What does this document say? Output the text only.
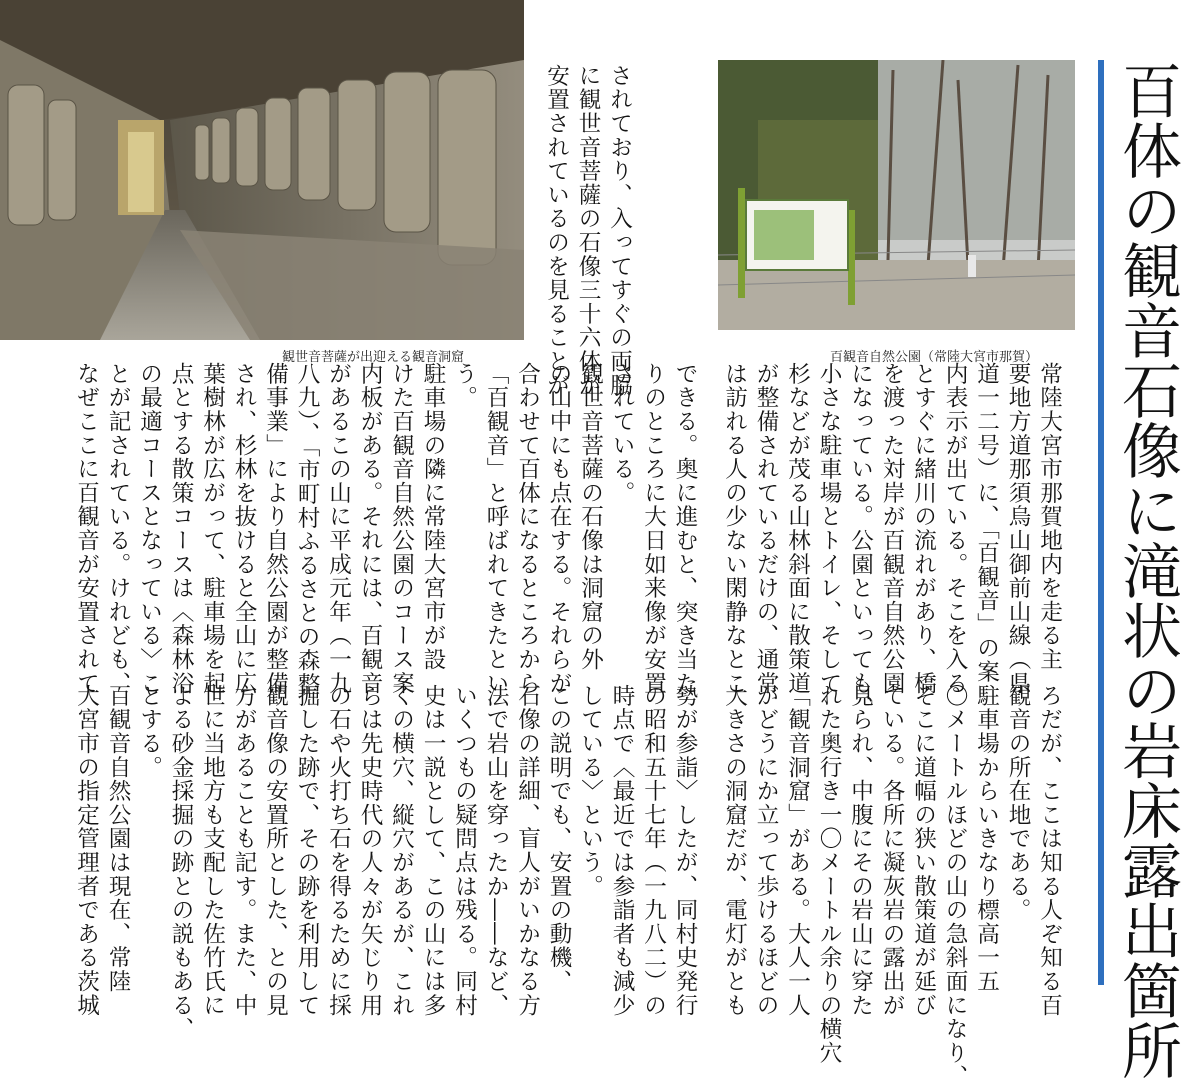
百体の観音石像に滝状の岩床露出箇所
観世音菩薩が出迎える観音洞窟	百観音自然公園（常陸大宮市那賀）
されており、入ってすぐの両脇
に観世音菩薩の石像三十六体が
安置されているのを見ることが
常陸大宮市那賀地内を走る主
要地方道那須烏山御前山線（県
道一二号）に、「百観音」の案
内表示が出ている。そこを入る
とすぐに緒川の流れがあり、橋
を渡った対岸が百観音自然公園
になっている。公園といっても、
小さな駐車場とトイレ、そして
杉などが茂る山林斜面に散策道
が整備されているだけの、通常
は訪れる人の少ない閑静なとこ
ろだが、ここは知る人ぞ知る百
観音の所在地である。
駐車場からいきなり標高一五
〇メートルほどの山の急斜面になり、
そこに道幅の狭い散策道が延び
ている。各所に凝灰岩の露出が
見られ、中腹にその岩山に穿た
れた奥行き一〇メートル余りの横穴
「観音洞窟」がある。大人一人
がどうにか立って歩けるほどの
大きさの洞窟だが、電灯がとも
できる。奥に進むと、突き当た
りのところに大日如来像が安置
されている。
観世音菩薩の石像は洞窟の外
の山中にも点在する。それらが
合わせて百体になるところから
「百観音」と呼ばれてきたとい
う。
駐車場の隣に常陸大宮市が設
けた百観音自然公園のコース案
内板がある。それには、百観音
があるこの山に平成元年（一九
八九）、「市町村ふるさとの森整
備事業」により自然公園が整備
され、杉林を抜けると全山に広
葉樹林が広がって、駐車場を起
点とする散策コースは〈森林浴
の最適コースとなっている〉こ
とが記されている。けれども、
なぜここに百観音が安置されて
勢が参詣〉したが、同村史発行
の昭和五十七年（一九八二）の
時点で〈最近では参詣者も減少
している〉という。
この説明でも、安置の動機、
石像の詳細、盲人がいかなる方
法で岩山を穿ったか――など、
いくつもの疑問点は残る。同村
史は一説として、この山には多
くの横穴、縦穴があるが、これ
らは先史時代の人々が矢じり用
の石や火打ち石を得るために採
掘した跡で、その跡を利用して
観音像の安置所とした、との見
方があることも記す。また、中
世に当地方も支配した佐竹氏に
よる砂金採掘の跡との説もある、
とする。
百観音自然公園は現在、常陸
大宮市の指定管理者である茨城
